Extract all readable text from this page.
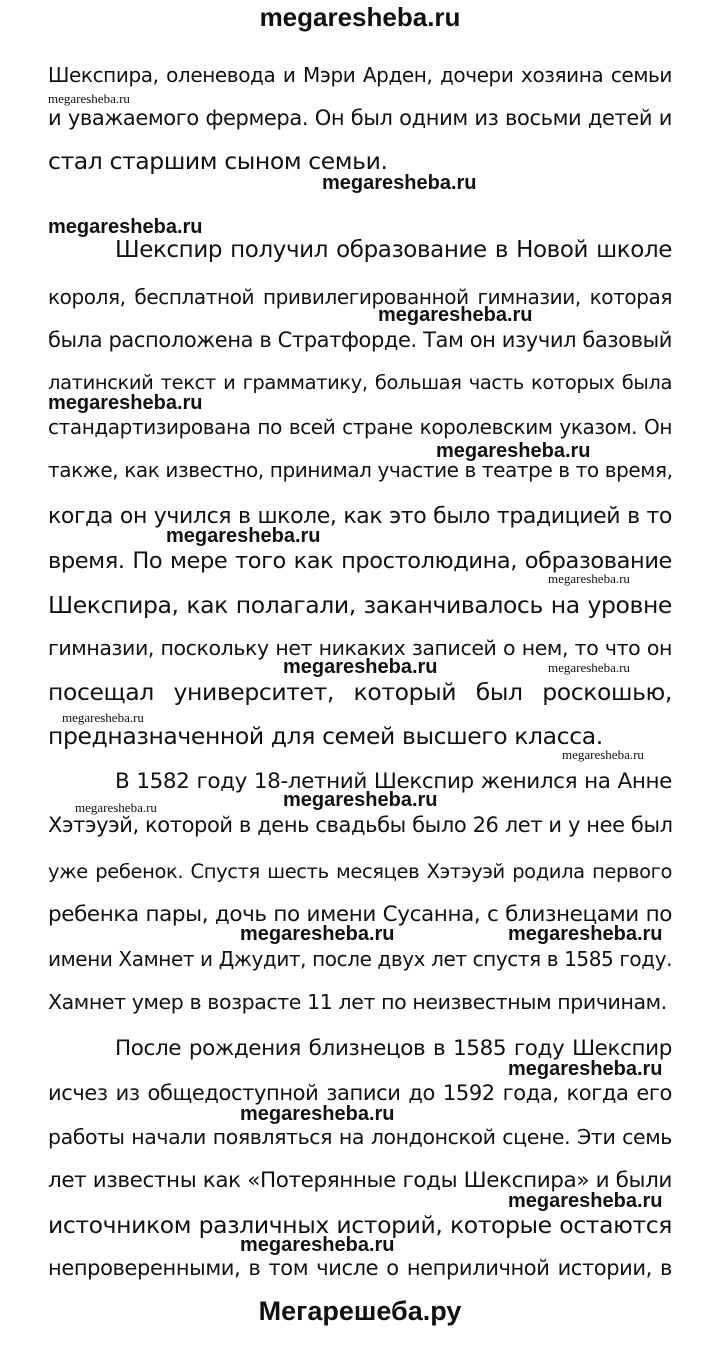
megaresheba.ru
Шекспира, оленевода и Мэри Арден, дочери хозяина семьи
и уважаемого фермера. Он был одним из восьми детей и
стал старшим сыном семьи.
Шекспир получил образование в Новой школе
короля, бесплатной привилегированной гимназии, которая
была расположена в Стратфорде. Там он изучил базовый
латинский текст и грамматику, большая часть которых была
стандартизирована по всей стране королевским указом. Он
также, как известно, принимал участие в театре в то время,
когда он учился в школе, как это было традицией в то
время. По мере того как простолюдина, образование
Шекспира, как полагали, заканчивалось на уровне
гимназии, поскольку нет никаких записей о нем, то что он
посещал университет, который был роскошью,
предназначенной для семей высшего класса.
В 1582 году 18-летний Шекспир женился на Анне
Хэтэуэй, которой в день свадьбы было 26 лет и у нее был
уже ребенок. Спустя шесть месяцев Хэтэуэй родила первого
ребенка пары, дочь по имени Сусанна, с близнецами по
имени Хамнет и Джудит, после двух лет спустя в 1585 году.
Хамнет умер в возрасте 11 лет по неизвестным причинам.
После рождения близнецов в 1585 году Шекспир
исчез из общедоступной записи до 1592 года, когда его
работы начали появляться на лондонской сцене. Эти семь
лет известны как «Потерянные годы Шекспира» и были
источником различных историй, которые остаются
непроверенными, в том числе о неприличной истории, в
megaresheba.ru
megaresheba.ru
megaresheba.ru
megaresheba.ru
megaresheba.ru
megaresheba.ru
megaresheba.ru
megaresheba.ru
megaresheba.ru	megaresheba.ru
megaresheba.ru
megaresheba.ru
megaresheba.ru	megaresheba.ru
megaresheba.ru	megaresheba.ru
megaresheba.ru
megaresheba.ru
megaresheba.ru
megaresheba.ru
Мегарешеба.ру
